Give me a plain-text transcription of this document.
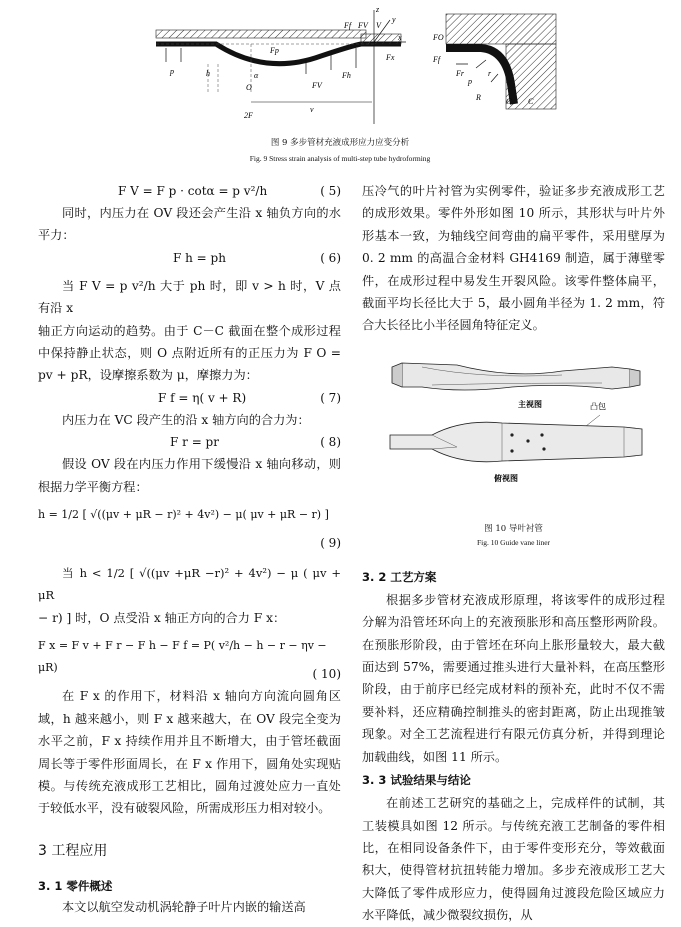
z
y
x
Ff FV V
Fx
Fp
p	h	α
O
Fh
FV
2F
v
FO
Ff
Fr	r
p
R	C C
图 9 多步管材充液成形应力应变分析
Fig. 9 Stress strain analysis of multi-step tube hydroforming
F V = F p · cotα = p v²/h	( 5)
同时，内压力在 OV 段还会产生沿 x 轴负方向的水平力：
F h = ph	( 6)
当 F V = p v²/h 大于 ph 时，即 v > h 时，V 点有沿 x
轴正方向运动的趋势。由于 C－C 截面在整个成形过程中保持静止状态，则 O 点附近所有的正压力为 F O = pv + pR，设摩擦系数为 μ，摩擦力为：
F f = η( v + R)	( 7)
内压力在 VC 段产生的沿 x 轴方向的合力为：
F r = pr	( 8)
假设 OV 段在内压力作用下缓慢沿 x 轴向移动，则根据力学平衡方程：
h = 1/2 [ √((μv + μR − r)² + 4v²) − μ( μv + μR − r) ]
( 9)
当 h < 1/2 [ √((μv +μR −r)² + 4v²) − μ ( μv + μR
− r) ] 时，O 点受沿 x 轴正方向的合力 F x：
F x = F v + F r − F h − F f = P( v²/h − h − r − ηv − μR)	( 10)
在 F x 的作用下，材料沿 x 轴向方向流向圆角区域，h 越来越小，则 F x 越来越大，在 OV 段完全变为水平之前，F x 持续作用并且不断增大，由于管坯截面周长等于零件形面周长，在 F x 作用下，圆角处实现贴模。与传统充液成形工艺相比，圆角过渡处应力一直处于较低水平，没有破裂风险，所需成形压力相对较小。
3 工程应用
3. 1 零件概述
本文以航空发动机涡轮静子叶片内嵌的输送高
压冷气的叶片衬管为实例零件，验证多步充液成形工艺的成形效果。零件外形如图 10 所示，其形状与叶片外形基本一致，为轴线空间弯曲的扁平零件，采用壁厚为 0. 2 mm 的高温合金材料 GH4169 制造，属于薄壁零件，在成形过程中易发生开裂风险。该零件整体扁平，截面平均长径比大于 5，最小圆角半径为 1. 2 mm，符合大长径比小半径圆角特征定义。
主视图	凸包
俯视图
图 10 导叶衬管
Fig. 10 Guide vane liner
3. 2 工艺方案
根据多步管材充液成形原理，将该零件的成形过程分解为沿管坯环向上的充液预胀形和高压整形两阶段。在预胀形阶段，由于管坯在环向上胀形量较大，最大截面达到 57%，需要通过推头进行大量补料，在高压整形阶段，由于前序已经完成材料的预补充，此时不仅不需要补料，还应精确控制推头的密封距离，防止出现推皱现象。对全工艺流程进行有限元仿真分析，并得到理论加载曲线，如图 11 所示。
3. 3 试验结果与结论
在前述工艺研究的基础之上，完成样件的试制，其工装模具如图 12 所示。与传统充液工艺制备的零件相比，在相同设备条件下，由于零件变形充分，等效截面积大，使得管材抗扭转能力增加。多步充液成形工艺大大降低了零件成形应力，使得圆角过渡段危险区域应力水平降低，减少微裂纹损伤，从
